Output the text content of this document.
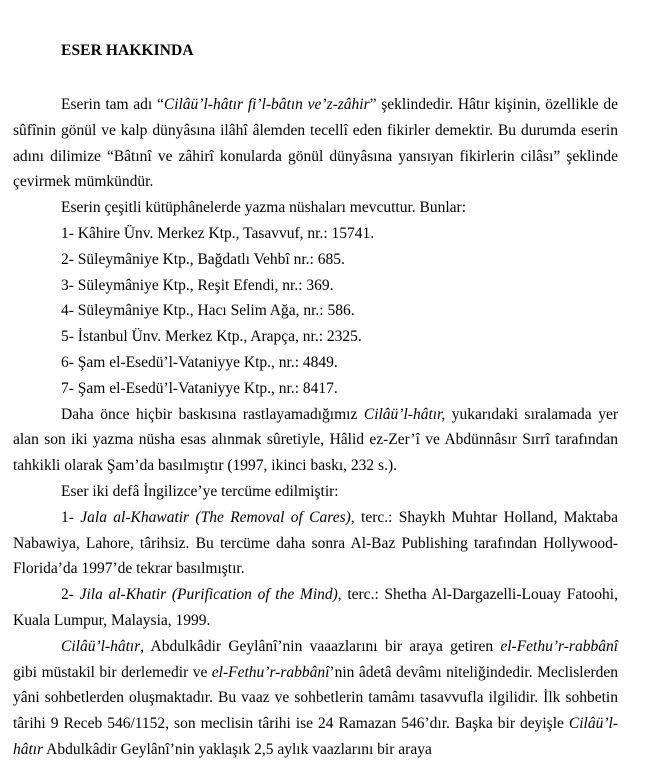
ESER HAKKINDA

Eserin tam adı “Cilâü’l-hâtır fi’l-bâtın ve’z-zâhir” şeklindedir. Hâtır kişinin, özellikle de sûfînin gönül ve kalp dünyâsına ilâhî âlemden tecellî eden fikirler demektir. Bu durumda eserin adını dilimize “Bâtınî ve zâhirî konularda gönül dünyâsına yansıyan fikirlerin cilâsı” şeklinde çevirmek mümkündür.

Eserin çeşitli kütüphânelerde yazma nüshaları mevcuttur. Bunlar:

1- Kâhire Ünv. Merkez Ktp., Tasavvuf, nr.: 15741.

2- Süleymâniye Ktp., Bağdatlı Vehbî nr.: 685.

3- Süleymâniye Ktp., Reşit Efendi, nr.: 369.

4- Süleymâniye Ktp., Hacı Selim Ağa, nr.: 586.

5- İstanbul Ünv. Merkez Ktp., Arapça, nr.: 2325.

6- Şam el-Esedü’l-Vataniyye Ktp., nr.: 4849.

7- Şam el-Esedü’l-Vataniyye Ktp., nr.: 8417.

Daha önce hiçbir baskısına rastlayamadığımız Cilâü’l-hâtır, yukarıdaki sıralamada yer alan son iki yazma nüsha esas alınmak sûretiyle, Hâlid ez-Zer’î ve Abdünnâsır Sırrî tarafından tahkikli olarak Şam’da basılmıştır (1997, ikinci baskı, 232 s.).

Eser iki defâ İngilizce’ye tercüme edilmiştir:

1- Jala al-Khawatir (The Removal of Cares), terc.: Shaykh Muhtar Holland, Maktaba Nabawiya, Lahore, târihsiz. Bu tercüme daha sonra Al-Baz Publishing tarafından Hollywood-Florida’da 1997’de tekrar basılmıştır.

2- Jila al-Khatir (Purification of the Mind), terc.: Shetha Al-Dargazelli-Louay Fatoohi, Kuala Lumpur, Malaysia, 1999.

Cilâü’l-hâtır, Abdulkâdir Geylânî’nin vaaazlarını bir araya getiren el-Fethu’r-rabbânî gibi müstakil bir derlemedir ve el-Fethu’r-rabbânî’nin âdetâ devâmı niteliğindedir. Meclislerden yâni sohbetlerden oluşmaktadır. Bu vaaz ve sohbetlerin tamâmı tasavvufla ilgilidir. İlk sohbetin târihi 9 Receb 546/1152, son meclisin târihi ise 24 Ramazan 546’dır. Başka bir deyişle Cilâü’l-hâtır Abdulkâdir Geylânî’nin yaklaşık 2,5 aylık vaazlarını bir araya
